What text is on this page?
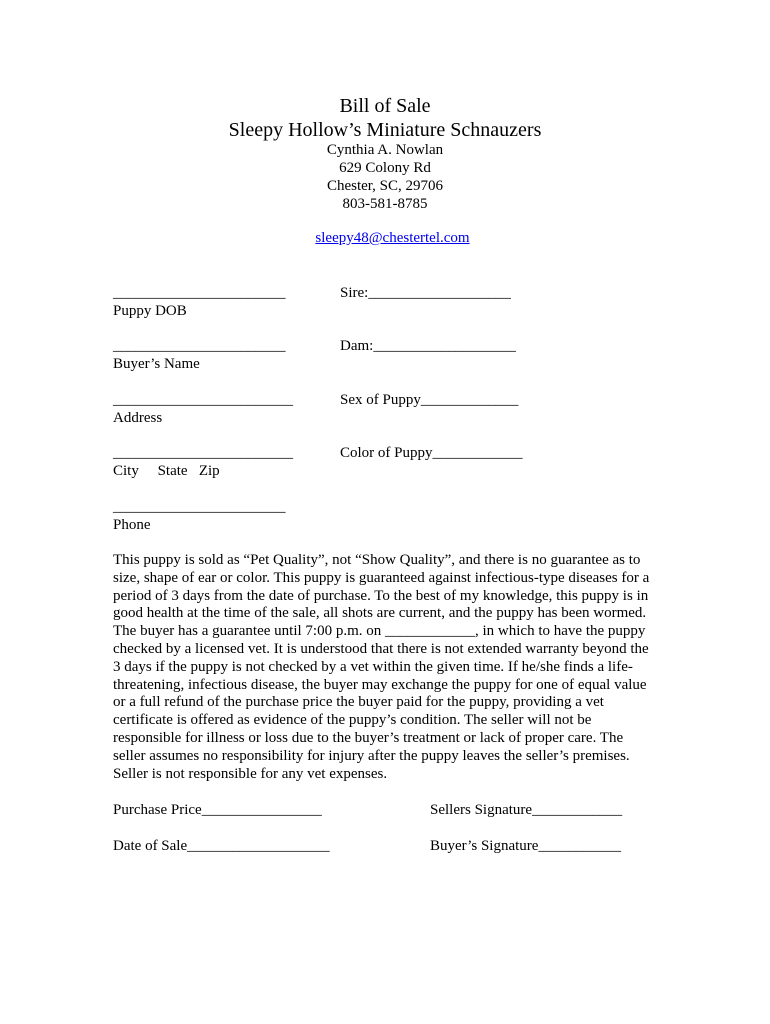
Bill of Sale
Sleepy Hollow’s Miniature Schnauzers
Cynthia A. Nowlan
629 Colony Rd
Chester, SC, 29706
803-581-8785

sleepy48@chestertel.com

_______________________
Puppy DOB
_______________________
Buyer’s Name
________________________
Address
________________________
City     State   Zip
_______________________
Phone
Sire:___________________
Dam:___________________
Sex of Puppy_____________
Color of Puppy____________
This puppy is sold as “Pet Quality”, not “Show Quality”, and there is no guarantee as to size, shape of ear or color. This puppy is guaranteed against infectious-type diseases for a period of 3 days from the date of purchase. To the best of my knowledge, this puppy is in good health at the time of the sale, all shots are current, and the puppy has been wormed. The buyer has a guarantee until 7:00 p.m. on ____________, in which to have the puppy checked by a licensed vet. It is understood that there is not extended warranty beyond the 3 days if the puppy is not checked by a vet within the given time. If he/she finds a life-threatening, infectious disease, the buyer may exchange the puppy for one of equal value or a full refund of the purchase price the buyer paid for the puppy, providing a vet certificate is offered as evidence of the puppy’s condition. The seller will not be responsible for illness or loss due to the buyer’s treatment or lack of proper care. The seller assumes no responsibility for injury after the puppy leaves the seller’s premises. Seller is not responsible for any vet expenses.
Purchase Price________________	Sellers Signature____________
Date of Sale___________________	Buyer’s Signature___________
